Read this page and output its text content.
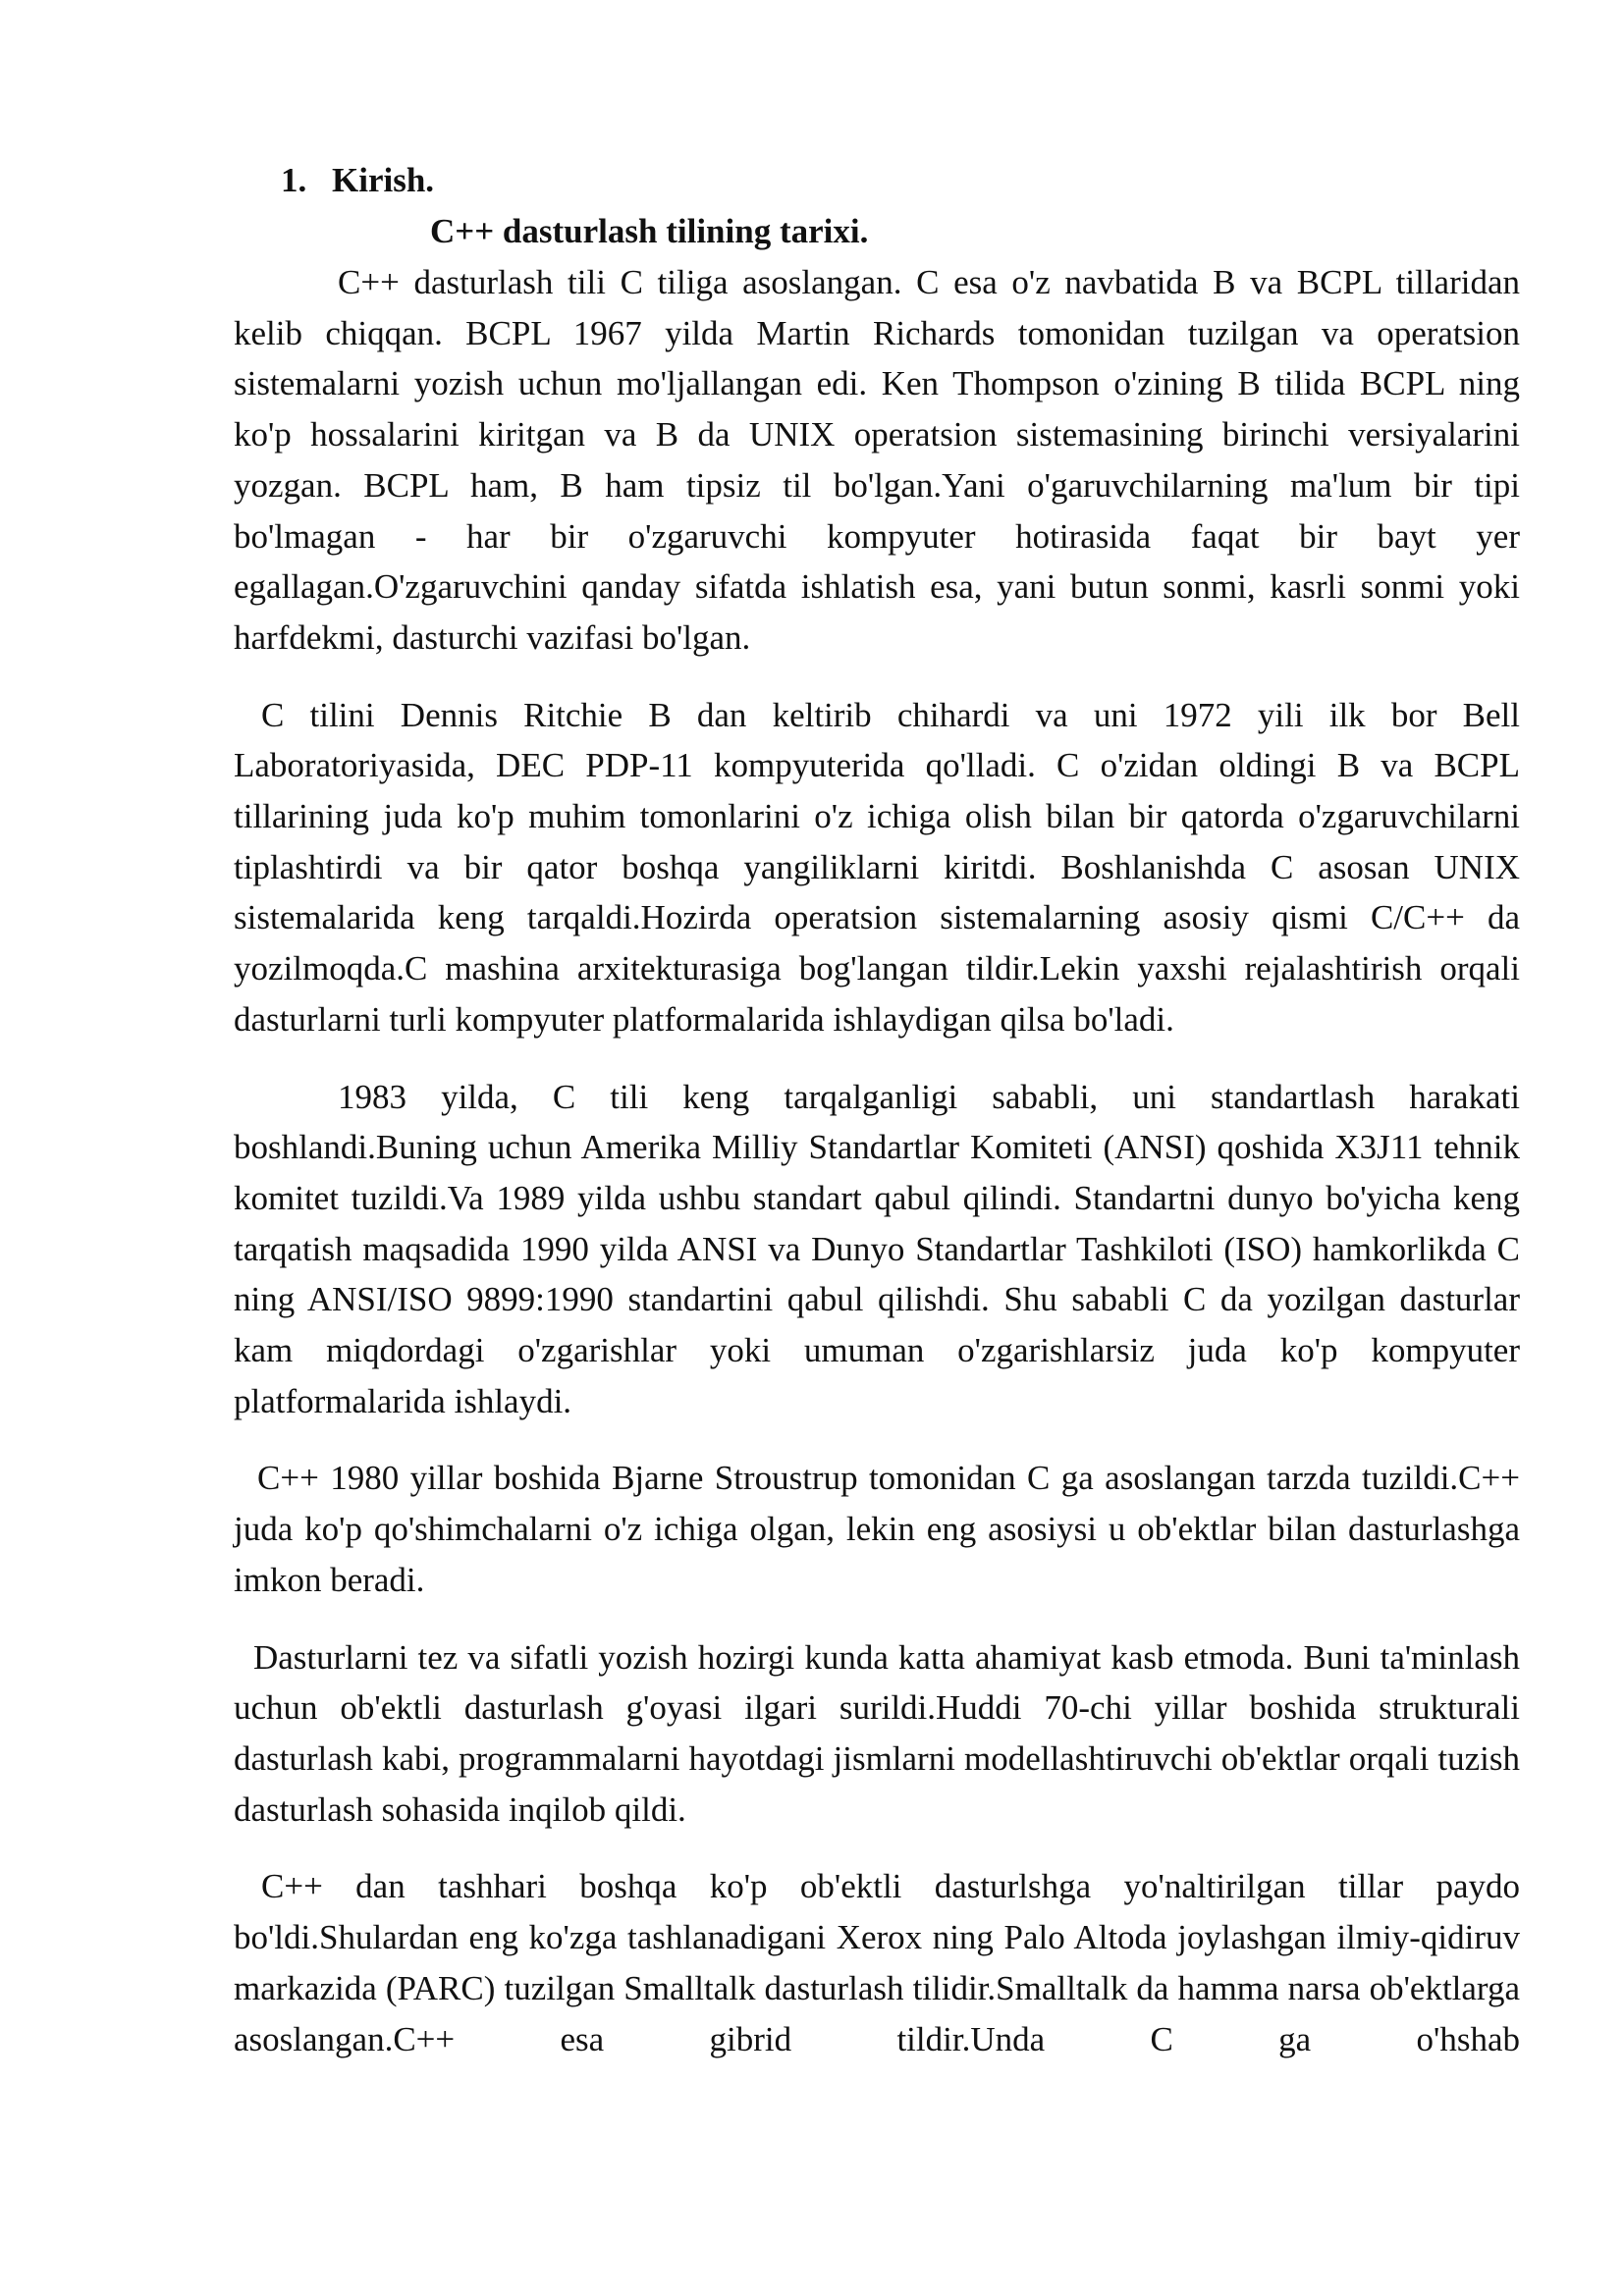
1. Kirish.
C++ dasturlash tilining tarixi.

C++ dasturlash tili C tiliga asoslangan. C esa o'z navbatida B va BCPL tillaridan kelib chiqqan. BCPL 1967 yilda Martin Richards tomonidan tuzilgan va operatsion sistemalarni yozish uchun mo'ljallangan edi. Ken Thompson o'zining B tilida BCPL ning ko'p hossalarini kiritgan va B da UNIX operatsion sistemasining birinchi versiyalarini yozgan. BCPL ham, B ham tipsiz til bo'lgan.Yani o'garuvchilarning ma'lum bir tipi bo'lmagan - har bir o'zgaruvchi kompyuter hotirasida faqat bir bayt yer egallagan.O'zgaruvchini qanday sifatda ishlatish esa, yani butun sonmi, kasrli sonmi yoki harfdekmi, dasturchi vazifasi bo'lgan.

C tilini Dennis Ritchie B dan keltirib chihardi va uni 1972 yili ilk bor Bell Laboratoriyasida, DEC PDP-11 kompyuterida qo'lladi. C o'zidan oldingi B va BCPL tillarining juda ko'p muhim tomonlarini o'z ichiga olish bilan bir qatorda o'zgaruvchilarni tiplashtirdi va bir qator boshqa yangiliklarni kiritdi. Boshlanishda C asosan UNIX sistemalarida keng tarqaldi.Hozirda operatsion sistemalarning asosiy qismi C/C++ da yozilmoqda.C mashina arxitekturasiga bog'langan tildir.Lekin yaxshi rejalashtirish orqali dasturlarni turli kompyuter platformalarida ishlaydigan qilsa bo'ladi.

1983 yilda, C tili keng tarqalganligi sababli, uni standartlash harakati boshlandi.Buning uchun Amerika Milliy Standartlar Komiteti (ANSI) qoshida X3J11 tehnik komitet tuzildi.Va 1989 yilda ushbu standart qabul qilindi. Standartni dunyo bo'yicha keng tarqatish maqsadida 1990 yilda ANSI va Dunyo Standartlar Tashkiloti (ISO) hamkorlikda C ning ANSI/ISO 9899:1990 standartini qabul qilishdi. Shu sababli C da yozilgan dasturlar kam miqdordagi o'zgarishlar yoki umuman o'zgarishlarsiz juda ko'p kompyuter platformalarida ishlaydi.

C++ 1980 yillar boshida Bjarne Stroustrup tomonidan C ga asoslangan tarzda tuzildi.C++ juda ko'p qo'shimchalarni o'z ichiga olgan, lekin eng asosiysi u ob'ektlar bilan dasturlashga imkon beradi.

Dasturlarni tez va sifatli yozish hozirgi kunda katta ahamiyat kasb etmoda. Buni ta'minlash uchun ob'ektli dasturlash g'oyasi ilgari surildi.Huddi 70-chi yillar boshida strukturali dasturlash kabi, programmalarni hayotdagi jismlarni modellashtiruvchi ob'ektlar orqali tuzish dasturlash sohasida inqilob qildi.

C++ dan tashhari boshqa ko'p ob'ektli dasturlshga yo'naltirilgan tillar paydo bo'ldi.Shulardan eng ko'zga tashlanadigani Xerox ning Palo Altoda joylashgan ilmiy-qidiruv markazida (PARC) tuzilgan Smalltalk dasturlash tilidir.Smalltalk da hamma narsa ob'ektlarga asoslangan.C++ esa gibrid tildir.Unda C ga o'hshab
